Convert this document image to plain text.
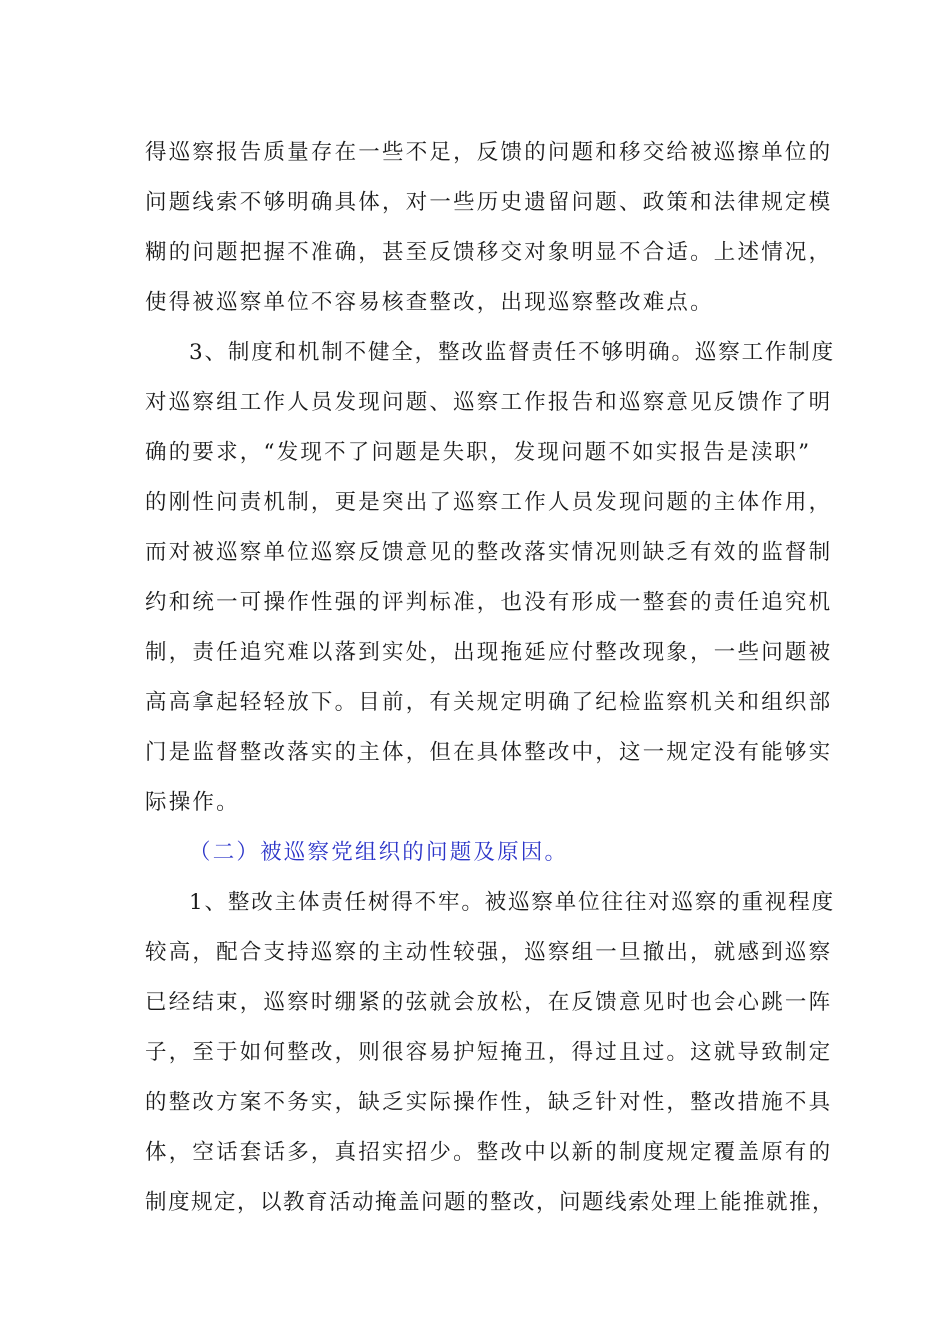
得巡察报告质量存在一些不足，反馈的问题和移交给被巡擦单位的
问题线索不够明确具体，对一些历史遗留问题、政策和法律规定模
糊的问题把握不准确，甚至反馈移交对象明显不合适。上述情况，
使得被巡察单位不容易核查整改，出现巡察整改难点。
3、制度和机制不健全，整改监督责任不够明确。巡察工作制度
对巡察组工作人员发现问题、巡察工作报告和巡察意见反馈作了明
确的要求，“发现不了问题是失职，发现问题不如实报告是渎职”
的刚性问责机制，更是突出了巡察工作人员发现问题的主体作用，
而对被巡察单位巡察反馈意见的整改落实情况则缺乏有效的监督制
约和统一可操作性强的评判标准，也没有形成一整套的责任追究机
制，责任追究难以落到实处，出现拖延应付整改现象，一些问题被
高高拿起轻轻放下。目前，有关规定明确了纪检监察机关和组织部
门是监督整改落实的主体，但在具体整改中，这一规定没有能够实
际操作。
（二）被巡察党组织的问题及原因。
1、整改主体责任树得不牢。被巡察单位往往对巡察的重视程度
较高，配合支持巡察的主动性较强，巡察组一旦撤出，就感到巡察
已经结束，巡察时绷紧的弦就会放松，在反馈意见时也会心跳一阵
子，至于如何整改，则很容易护短掩丑，得过且过。这就导致制定
的整改方案不务实，缺乏实际操作性，缺乏针对性，整改措施不具
体，空话套话多，真招实招少。整改中以新的制度规定覆盖原有的
制度规定，以教育活动掩盖问题的整改，问题线索处理上能推就推，
